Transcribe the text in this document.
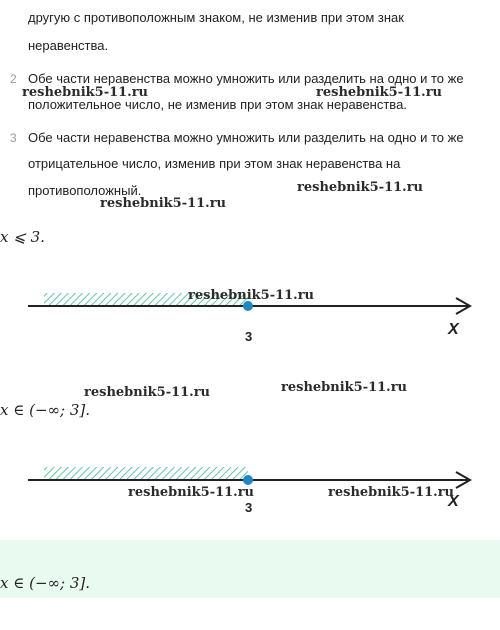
другую с противоположным знаком, не изменив при этом знак
неравенства.
2 Обе части неравенства можно умножить или разделить на одно и то же
положительное число, не изменив при этом знак неравенства.
3 Обе части неравенства можно умножить или разделить на одно и то же
отрицательное число, изменив при этом знак неравенства на
противоположный.
x ⩽ 3.
3	X
x ∈ (−∞; 3].
3	X
x ∈ (−∞; 3].
reshebnik5-11.ru	reshebnik5-11.ru
reshebnik5-11.ru
reshebnik5-11.ru
reshebnik5-11.ru
reshebnik5-11.ru	reshebnik5-11.ru
reshebnik5-11.ru	reshebnik5-11.ru
